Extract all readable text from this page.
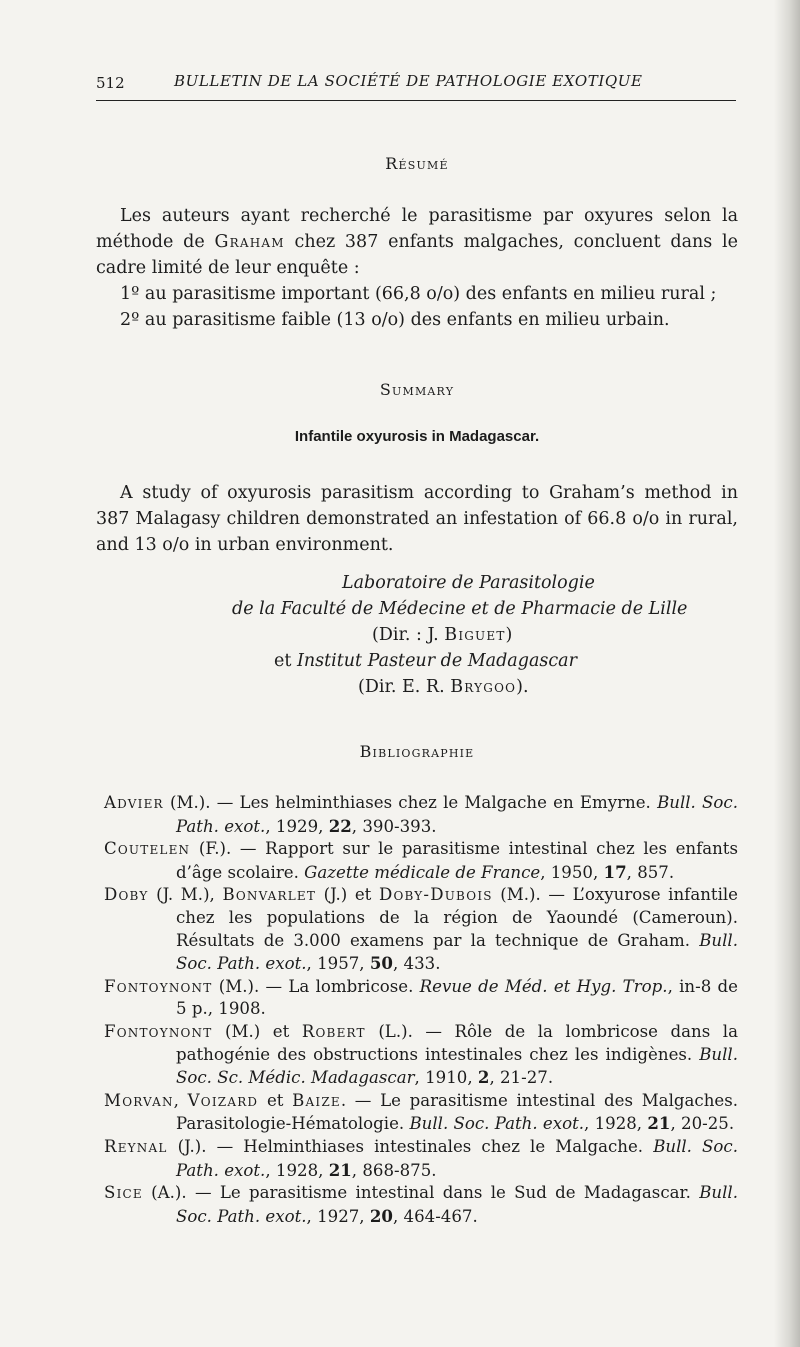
512	BULLETIN DE LA SOCIÉTÉ DE PATHOLOGIE EXOTIQUE
Résumé

Les auteurs ayant recherché le parasitisme par oxyures selon la méthode de Graham chez 387 enfants malgaches, concluent dans le cadre limité de leur enquête :

1º au parasitisme important (66,8 o/o) des enfants en milieu rural ;

2º au parasitisme faible (13 o/o) des enfants en milieu urbain.

Summary
Infantile oxyurosis in Madagascar.

A study of oxyurosis parasitism according to Graham’s method in 387 Malagasy children demonstrated an infestation of 66.8 o/o in rural, and 13 o/o in urban environment.

Laboratoire de Parasitologie
de la Faculté de Médecine et de Pharmacie de Lille
(Dir. : J. Biguet)
et Institut Pasteur de Madagascar
(Dir. E. R. Brygoo).
Bibliographie

Advier (M.). — Les helminthiases chez le Malgache en Emyrne. Bull. Soc. Path. exot., 1929, 22, 390-393.

Coutelen (F.). — Rapport sur le parasitisme intestinal chez les enfants d’âge scolaire. Gazette médicale de France, 1950, 17, 857.

Doby (J. M.), Bonvarlet (J.) et Doby-Dubois (M.). — L’oxyurose infantile chez les populations de la région de Yaoundé (Cameroun). Résultats de 3.000 examens par la technique de Graham. Bull. Soc. Path. exot., 1957, 50, 433.

Fontoynont (M.). — La lombricose. Revue de Méd. et Hyg. Trop., in-8 de 5 p., 1908.

Fontoynont (M.) et Robert (L.). — Rôle de la lombricose dans la pathogénie des obstructions intestinales chez les indigènes. Bull. Soc. Sc. Médic. Madagascar, 1910, 2, 21-27.

Morvan, Voizard et Baize. — Le parasitisme intestinal des Malgaches. Parasitologie-Hématologie. Bull. Soc. Path. exot., 1928, 21, 20-25.

Reynal (J.). — Helminthiases intestinales chez le Malgache. Bull. Soc. Path. exot., 1928, 21, 868-875.

Sice (A.). — Le parasitisme intestinal dans le Sud de Madagascar. Bull. Soc. Path. exot., 1927, 20, 464-467.
